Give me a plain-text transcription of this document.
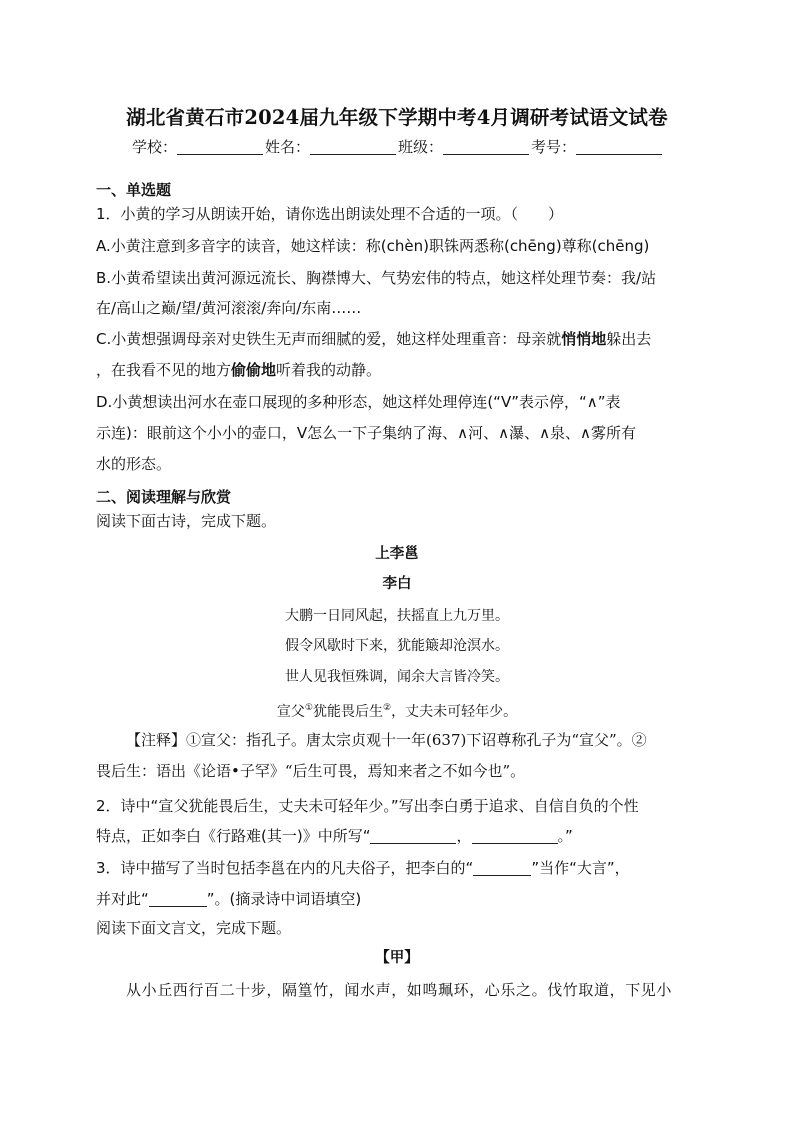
湖北省黄石市2024届九年级下学期中考4月调研考试语文试卷
学校：	姓名：	班级：	考号：
一、单选题
1．小黄的学习从朗读开始，请你选出朗读处理不合适的一项。（　　）
A.小黄注意到多音字的读音，她这样读：称(chèn)职铢两悉称(chēng)尊称(chēng)
B.小黄希望读出黄河源远流长、胸襟博大、气势宏伟的特点，她这样处理节奏：我/站
在/高山之巅/望/黄河滚滚/奔向/东南……
C.小黄想强调母亲对史铁生无声而细腻的爱，她这样处理重音：母亲就悄悄地躲出去
，在我看不见的地方偷偷地听着我的动静。
D.小黄想读出河水在壶口展现的多种形态，她这样处理停连(“V”表示停，“∧”表
示连)：眼前这个小小的壶口，V怎么一下子集纳了海、∧河、∧瀑、∧泉、∧雾所有
水的形态。
二、阅读理解与欣赏
阅读下面古诗，完成下题。
上李邕
李白
大鹏一日同风起，扶摇直上九万里。
假令风歇时下来，犹能簸却沧溟水。
世人见我恒殊调，闻余大言皆冷笑。
宣父①犹能畏后生②，丈夫未可轻年少。
【注释】①宣父：指孔子。唐太宗贞观十一年(637)下诏尊称孔子为“宣父”。②
畏后生：语出《论语•子罕》“后生可畏，焉知来者之不如今也”。
2．诗中“宣父犹能畏后生，丈夫未可轻年少。”写出李白勇于追求、自信自负的个性
特点，正如李白《行路难(其一)》中所写“	，	。”
3．诗中描写了当时包括李邕在内的凡夫俗子，把李白的“	”当作“大言”，
并对此“	”。(摘录诗中词语填空)
阅读下面文言文，完成下题。
【甲】
从小丘西行百二十步，隔篁竹，闻水声，如鸣珮环，心乐之。伐竹取道，下见小
